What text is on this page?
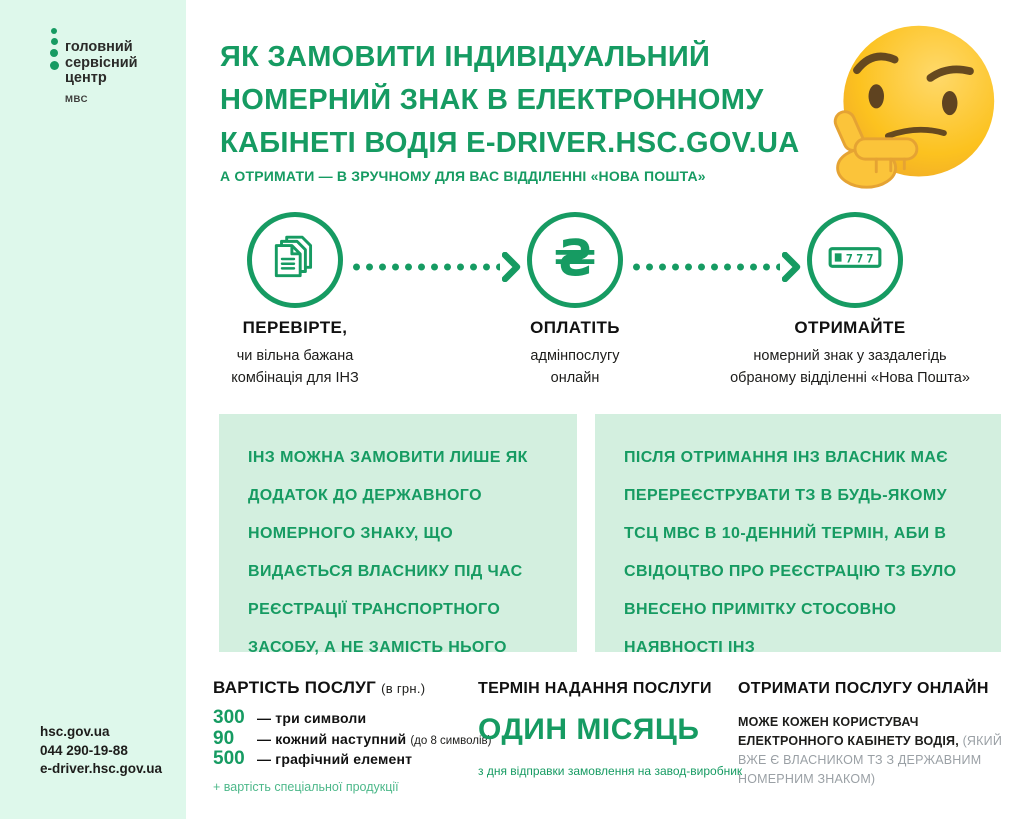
головний
сервісний
центр
МВС
hsc.gov.ua
044 290-19-88
e-driver.hsc.gov.ua
ЯК ЗАМОВИТИ ІНДИВІДУАЛЬНИЙ
НОМЕРНИЙ ЗНАК В ЕЛЕКТРОННОМУ
КАБІНЕТІ ВОДІЯ E-DRIVER.HSC.GOV.UA
А ОТРИМАТИ — В ЗРУЧНОМУ ДЛЯ ВАС ВІДДІЛЕННІ «НОВА ПОШТА»
₴	777
ПЕРЕВІРТЕ,

чи вільна бажана комбінація для ІНЗ

ОПЛАТІТЬ

адмінпослугу онлайн

ОТРИМАЙТЕ

номерний знак у заздалегідь обраному відділенні «Нова Пошта»

ІНЗ МОЖНА ЗАМОВИТИ ЛИШЕ ЯК ДОДАТОК ДО ДЕРЖАВНОГО НОМЕРНОГО ЗНАКУ, ЩО ВИДАЄТЬСЯ ВЛАСНИКУ ПІД ЧАС РЕЄСТРАЦІЇ ТРАНСПОРТНОГО ЗАСОБУ, А НЕ ЗАМІСТЬ НЬОГО
ПІСЛЯ ОТРИМАННЯ ІНЗ ВЛАСНИК МАЄ ПЕРЕРЕЄСТРУВАТИ ТЗ В БУДЬ-ЯКОМУ ТСЦ МВС В 10-ДЕННИЙ ТЕРМІН, АБИ В СВІДОЦТВО ПРО РЕЄСТРАЦІЮ ТЗ БУЛО ВНЕСЕНО ПРИМІТКУ СТОСОВНО НАЯВНОСТІ ІНЗ
ВАРТІСТЬ ПОСЛУГ (в грн.)
300 — три символи
90	— кожний наступний (до 8 символів)
500 — графічний елемент
+ вартість спеціальної продукції
ТЕРМІН НАДАННЯ ПОСЛУГИ
ОДИН МІСЯЦЬ
з дня відправки замовлення на завод-виробник
ОТРИМАТИ ПОСЛУГУ ОНЛАЙН
МОЖЕ КОЖЕН КОРИСТУВАЧ ЕЛЕКТРОННОГО КАБІНЕТУ ВОДІЯ, (ЯКИЙ ВЖЕ Є ВЛАСНИКОМ ТЗ З ДЕРЖАВНИМ НОМЕРНИМ ЗНАКОМ)
